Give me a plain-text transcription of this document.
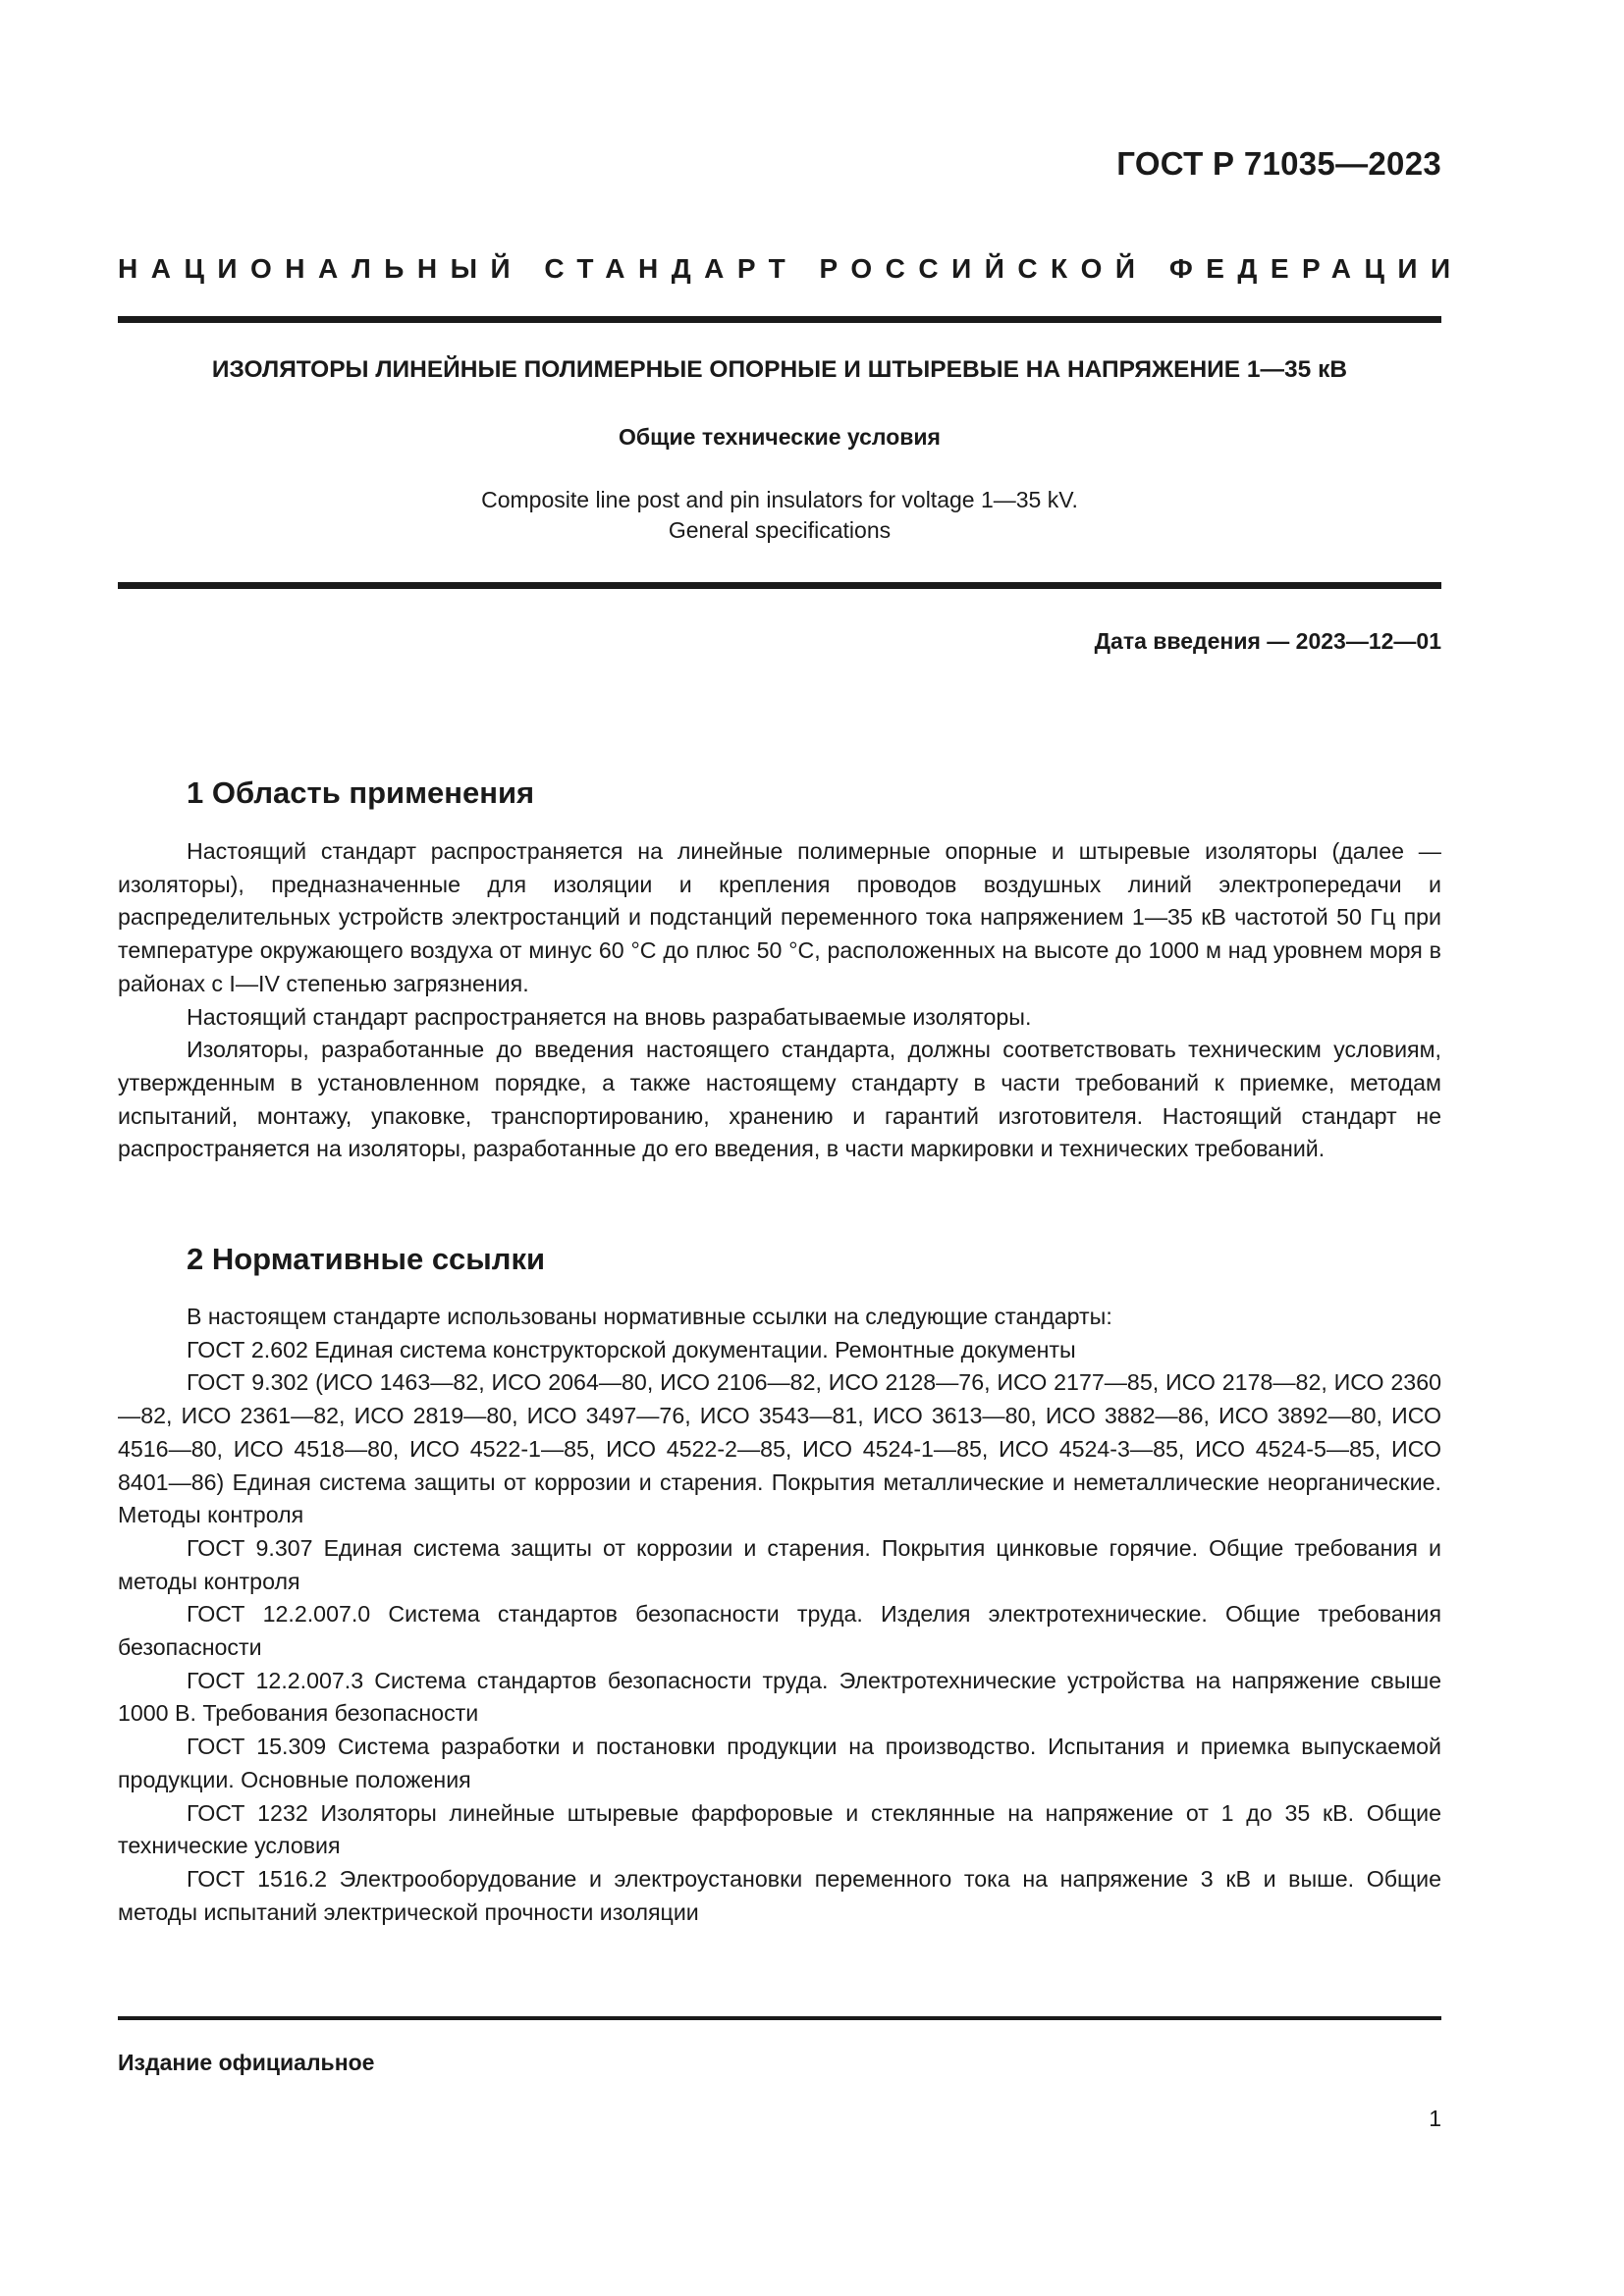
ГОСТ Р 71035—2023

НАЦИОНАЛЬНЫЙ СТАНДАРТ РОССИЙСКОЙ ФЕДЕРАЦИИ

ИЗОЛЯТОРЫ ЛИНЕЙНЫЕ ПОЛИМЕРНЫЕ ОПОРНЫЕ И ШТЫРЕВЫЕ НА НАПРЯЖЕНИЕ 1—35 кВ

Общие технические условия

Composite line post and pin insulators for voltage 1—35 kV.
General specifications

Дата введения — 2023—12—01

1 Область применения

Настоящий стандарт распространяется на линейные полимерные опорные и штыревые изоляторы (далее — изоляторы), предназначенные для изоляции и крепления проводов воздушных линий электропередачи и распределительных устройств электростанций и подстанций переменного тока напряжением 1—35 кВ частотой 50 Гц при температуре окружающего воздуха от минус 60 °С до плюс 50 °С, расположенных на высоте до 1000 м над уровнем моря в районах с I—IV степенью загрязнения.

Настоящий стандарт распространяется на вновь разрабатываемые изоляторы.

Изоляторы, разработанные до введения настоящего стандарта, должны соответствовать техническим условиям, утвержденным в установленном порядке, а также настоящему стандарту в части требований к приемке, методам испытаний, монтажу, упаковке, транспортированию, хранению и гарантий изготовителя. Настоящий стандарт не распространяется на изоляторы, разработанные до его введения, в части маркировки и технических требований.

2 Нормативные ссылки

В настоящем стандарте использованы нормативные ссылки на следующие стандарты:

ГОСТ 2.602 Единая система конструкторской документации. Ремонтные документы

ГОСТ 9.302 (ИСО 1463—82, ИСО 2064—80, ИСО 2106—82, ИСО 2128—76, ИСО 2177—85, ИСО 2178—82, ИСО 2360—82, ИСО 2361—82, ИСО 2819—80, ИСО 3497—76, ИСО 3543—81, ИСО 3613—80, ИСО 3882—86, ИСО 3892—80, ИСО 4516—80, ИСО 4518—80, ИСО 4522-1—85, ИСО 4522-2—85, ИСО 4524-1—85, ИСО 4524-3—85, ИСО 4524-5—85, ИСО 8401—86) Единая система защиты от коррозии и старения. Покрытия металлические и неметаллические неорганические. Методы контроля

ГОСТ 9.307 Единая система защиты от коррозии и старения. Покрытия цинковые горячие. Общие требования и методы контроля

ГОСТ 12.2.007.0 Система стандартов безопасности труда. Изделия электротехнические. Общие требования безопасности

ГОСТ 12.2.007.3 Система стандартов безопасности труда. Электротехнические устройства на напряжение свыше 1000 В. Требования безопасности

ГОСТ 15.309 Система разработки и постановки продукции на производство. Испытания и приемка выпускаемой продукции. Основные положения

ГОСТ 1232 Изоляторы линейные штыревые фарфоровые и стеклянные на напряжение от 1 до 35 кВ. Общие технические условия

ГОСТ 1516.2 Электрооборудование и электроустановки переменного тока на напряжение 3 кВ и выше. Общие методы испытаний электрической прочности изоляции

Издание официальное

1
